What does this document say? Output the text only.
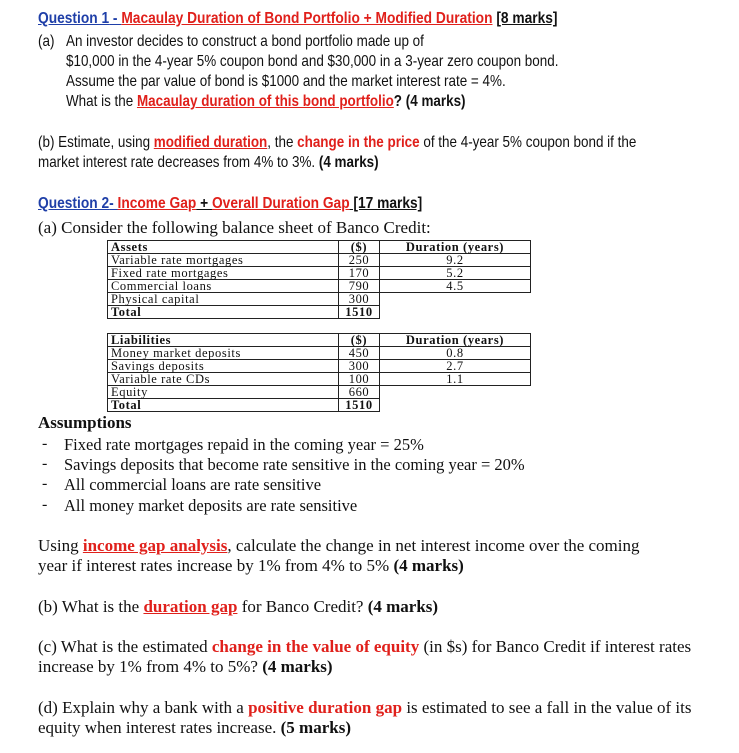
Question 1 - Macaulay Duration of Bond Portfolio + Modified Duration [8 marks]
(a) An investor decides to construct a bond portfolio made up of
$10,000 in the 4-year 5% coupon bond and $30,000 in a 3-year zero coupon bond.
Assume the par value of bond is $1000 and the market interest rate = 4%.
What is the Macaulay duration of this bond portfolio? (4 marks)
(b) Estimate, using modified duration, the change in the price of the 4-year 5% coupon bond if the
market interest rate decreases from 4% to 3%. (4 marks)
Question 2- Income Gap + Overall Duration Gap [17 marks]
(a) Consider the following balance sheet of Banco Credit:
Assets	($)	Duration (years)
Variable rate mortgages	250	9.2
Fixed rate mortgages	170	5.2
Commercial loans	790	4.5
Physical capital	300	
Total	1510	
Liabilities	($)	Duration (years)
Money market deposits	450	0.8
Savings deposits	300	2.7
Variable rate CDs	100	1.1
Equity	660	
Total	1510	
Assumptions
- Fixed rate mortgages repaid in the coming year = 25%
- Savings deposits that become rate sensitive in the coming year = 20%
- All commercial loans are rate sensitive
- All money market deposits are rate sensitive
Using income gap analysis, calculate the change in net interest income over the coming
year if interest rates increase by 1% from 4% to 5% (4 marks)
(b) What is the duration gap for Banco Credit? (4 marks)
(c) What is the estimated change in the value of equity (in $s) for Banco Credit if interest rates
increase by 1% from 4% to 5%? (4 marks)
(d) Explain why a bank with a positive duration gap is estimated to see a fall in the value of its
equity when interest rates increase. (5 marks)
